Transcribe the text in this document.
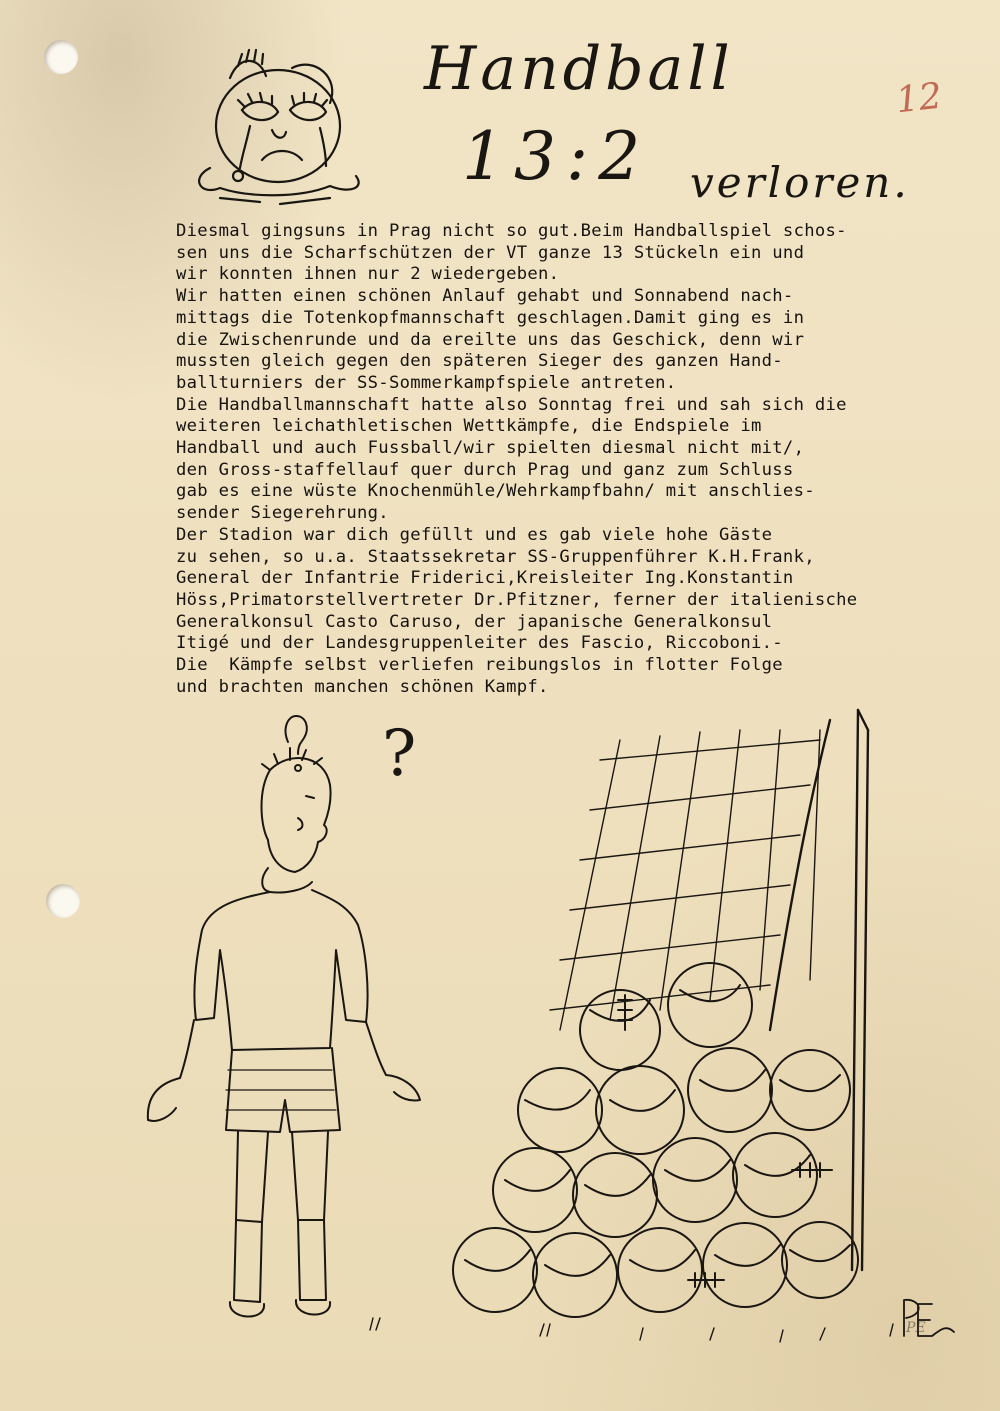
Handball
13:2 verloren.
12

Diesmal gingsuns in Prag nicht so gut.Beim Handballspiel schos-

sen uns die Scharfschützen der VT ganze 13 Stückeln ein und

wir konnten ihnen nur 2 wiedergeben.

Wir hatten einen schönen Anlauf gehabt und Sonnabend nach-

mittags die Totenkopfmannschaft geschlagen.Damit ging es in

die Zwischenrunde und da ereilte uns das Geschick, denn wir

mussten gleich gegen den späteren Sieger des ganzen Hand-

ballturniers der SS-Sommerkampfspiele antreten.

Die Handballmannschaft hatte also Sonntag frei und sah sich die

weiteren leichathletischen Wettkämpfe, die Endspiele im

Handball und auch Fussball/wir spielten diesmal nicht mit/,

den Gross-staffellauf quer durch Prag und ganz zum Schluss

gab es eine wüste Knochenmühle/Wehrkampfbahn/ mit anschlies-

sender Siegerehrung.

Der Stadion war dich gefüllt und es gab viele hohe Gäste

zu sehen, so u.a. Staatssekretar SS-Gruppenführer K.H.Frank,

General der Infantrie Friderici,Kreisleiter Ing.Konstantin

Höss,Primatorstellvertreter Dr.Pfitzner, ferner der italienische

Generalkonsul Casto Caruso, der japanische Generalkonsul

Itigé und der Landesgruppenleiter des Fascio, Riccoboni.-

Die  Kämpfe selbst verliefen reibungslos in flotter Folge

und brachten manchen schönen Kampf.

?
PE
